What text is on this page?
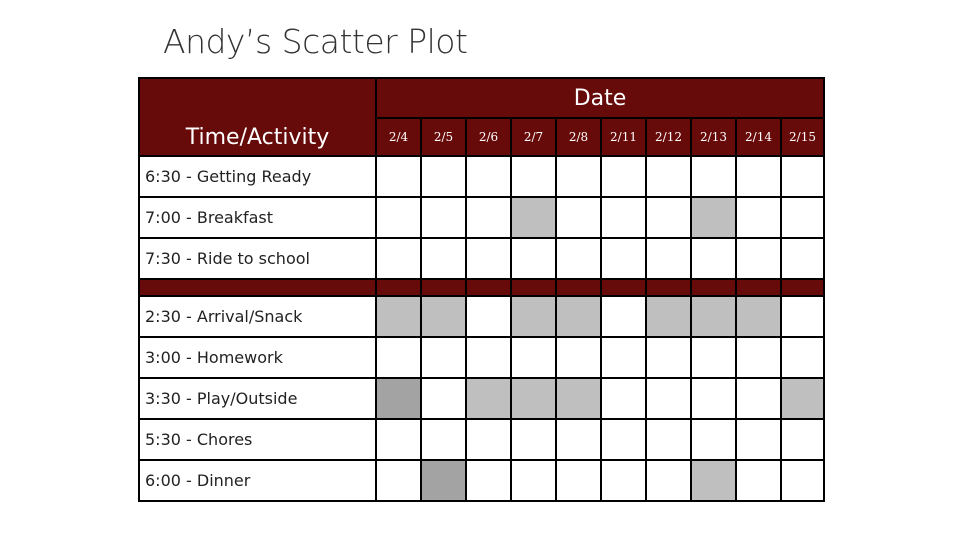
Andy’s Scatter Plot
Time/Activity	Date									
	2/4	2/5	2/6	2/7	2/8	2/11	2/12	2/13	2/14	2/15
6:30 - Getting Ready										
7:00 - Breakfast										
7:30 - Ride to school										

2:30 - Arrival/Snack										
3:00 - Homework										
3:30 - Play/Outside										
5:30 - Chores										
6:00 - Dinner										
